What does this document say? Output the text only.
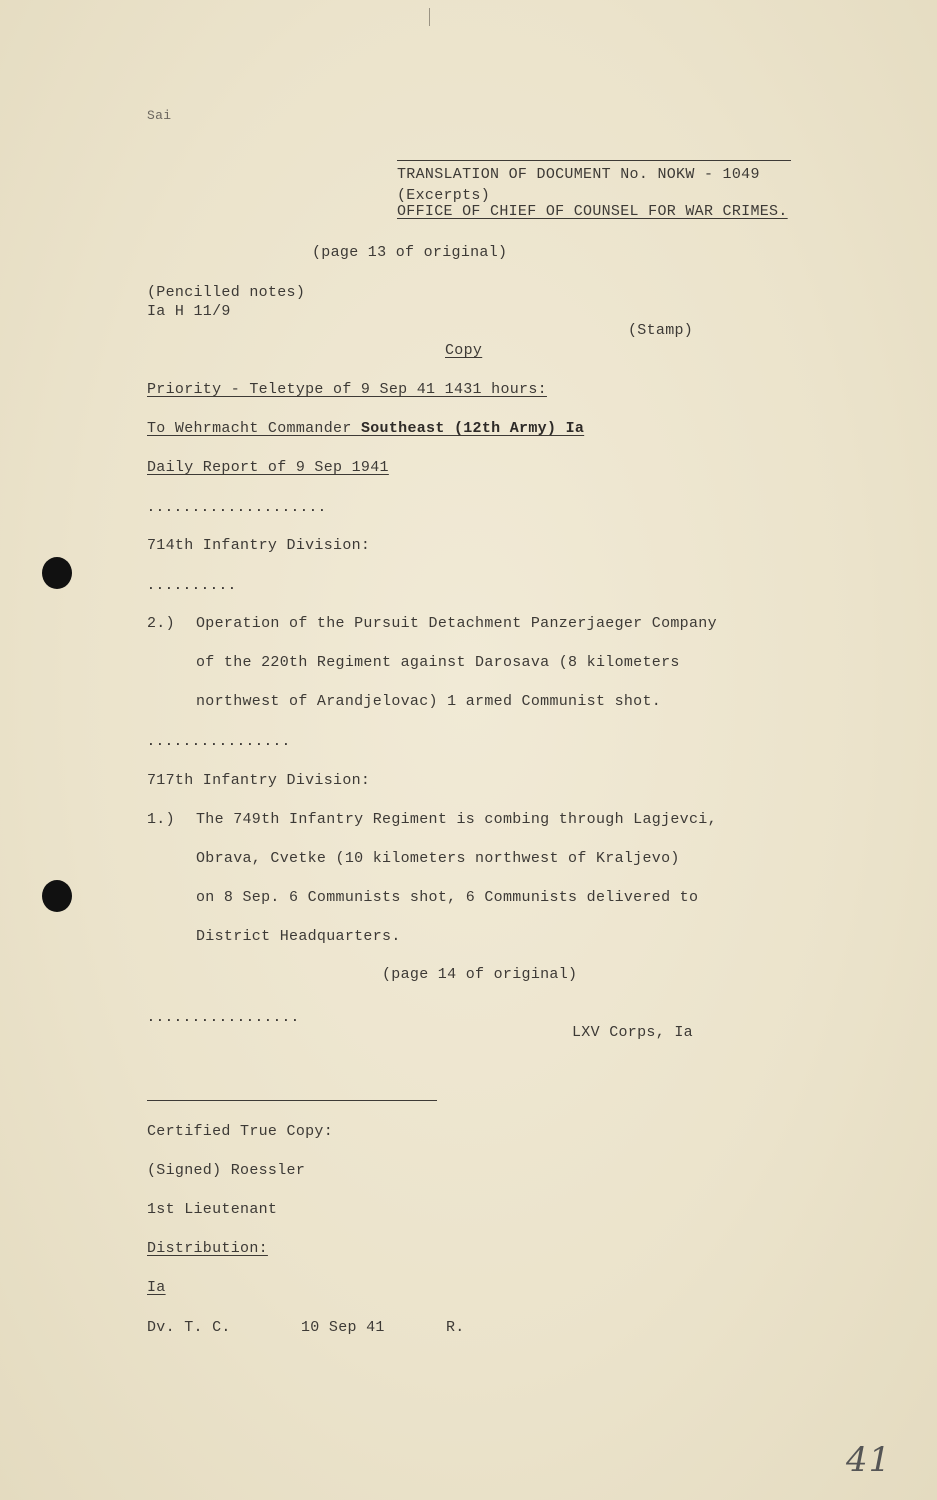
Sai
TRANSLATION OF DOCUMENT No. NOKW - 1049
(Excerpts)
OFFICE OF CHIEF OF COUNSEL FOR WAR CRIMES.
(page 13 of original)
(Pencilled notes)
Ia H 11/9
(Stamp)
Copy
Priority - Teletype of 9 Sep 41 1431 hours:
To Wehrmacht Commander Southeast (12th Army) Ia
Daily Report of 9 Sep 1941
....................
714th Infantry Division:
..........
2.) Operation of the Pursuit Detachment Panzerjaeger Company
of the 220th Regiment against Darosava (8 kilometers
northwest of Arandjelovac) 1 armed Communist shot.
................
717th Infantry Division:
1.) The 749th Infantry Regiment is combing through Lagjevci,
Obrava, Cvetke (10 kilometers northwest of Kraljevo)
on 8 Sep. 6 Communists shot, 6 Communists delivered to
District Headquarters.
(page 14 of original)
.................
LXV Corps, Ia
Certified True Copy:
(Signed) Roessler
1st Lieutenant
Distribution:
Ia
Dv. T. C.	10 Sep 41	R.
41
